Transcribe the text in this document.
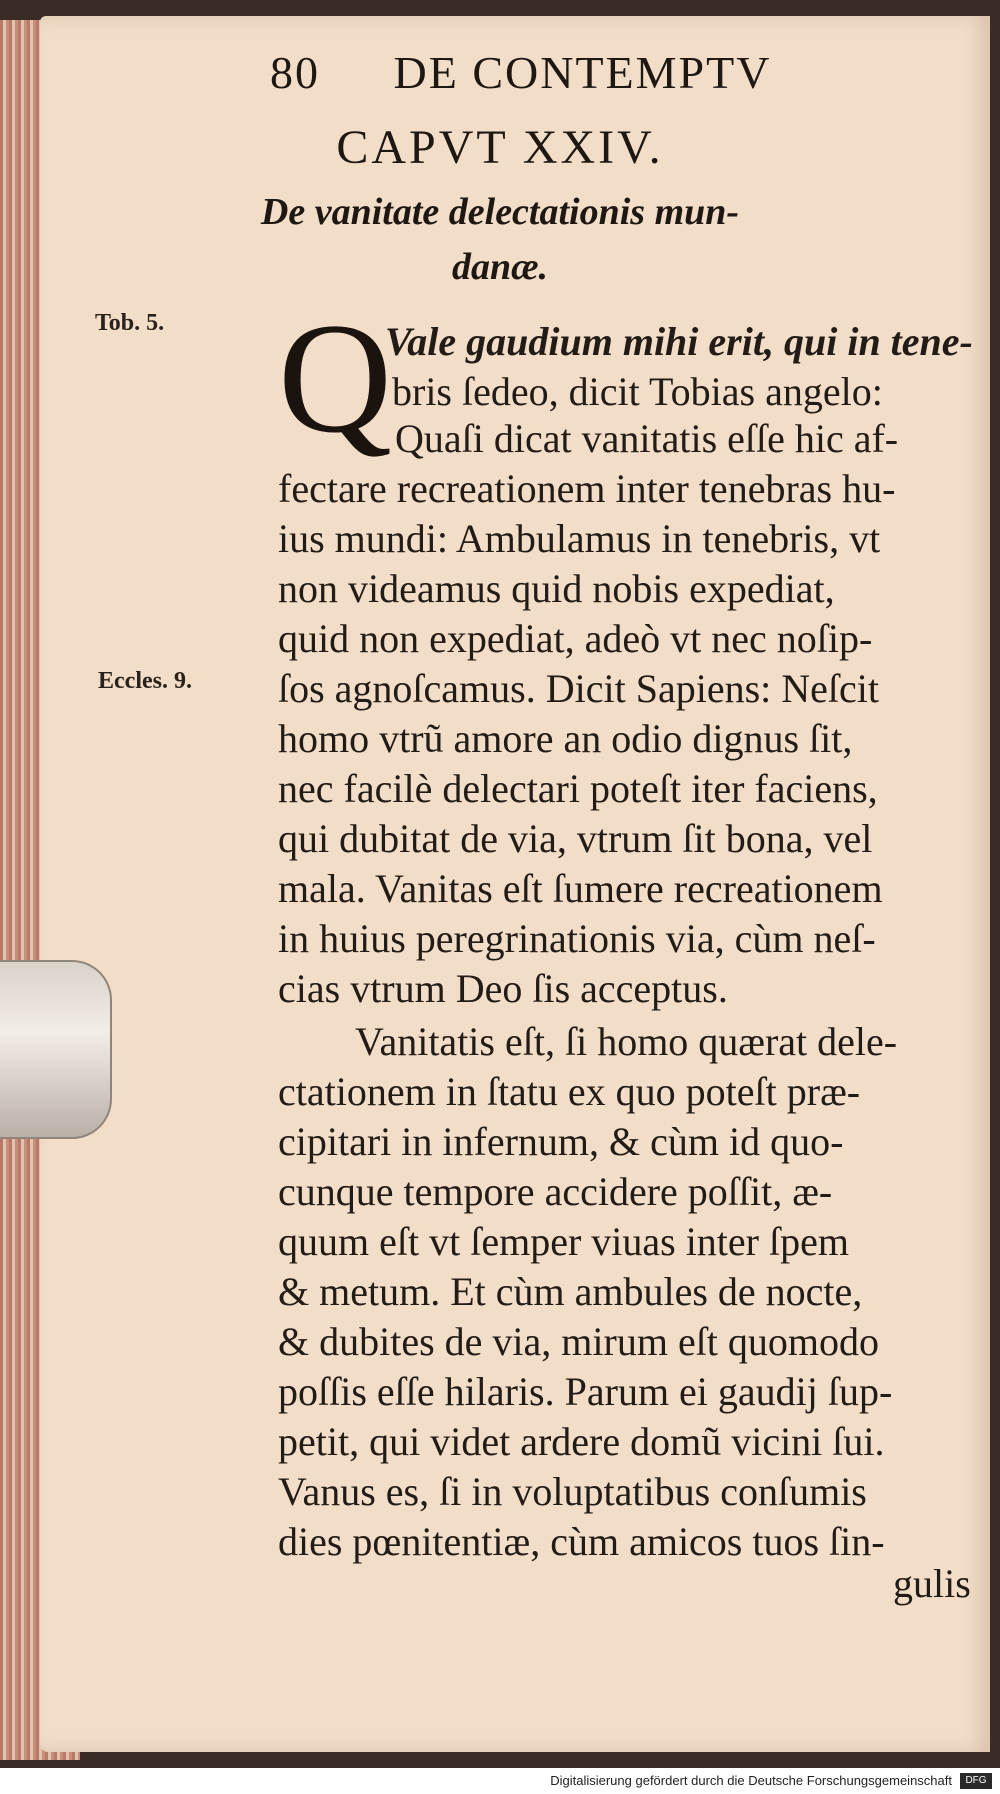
80 DE CONTEMPTV
CAPVT XXIV.
De vanitate delectationis mun-
danæ.
Tob. 5.
Eccles. 9.
Q
Vale gaudium mihi erit, qui in tene-
bris ſedeo, dicit Tobias angelo:
Quaſi dicat vanitatis eſſe hic af-
fectare recreationem inter tenebras hu-
ius mundi: Ambulamus in tenebris, vt
non videamus quid nobis expediat,
quid non expediat, adeò vt nec noſip-
ſos agnoſcamus. Dicit Sapiens: Neſcit
homo vtrũ amore an odio dignus ſit,
nec facilè delectari poteſt iter faciens,
qui dubitat de via, vtrum ſit bona, vel
mala. Vanitas eſt ſumere recreationem
in huius peregrinationis via, cùm neſ-
cias vtrum Deo ſis acceptus.
Vanitatis eſt, ſi homo quærat dele-
ctationem in ſtatu ex quo poteſt præ-
cipitari in infernum, & cùm id quo-
cunque tempore accidere poſſit, æ-
quum eſt vt ſemper viuas inter ſpem
& metum. Et cùm ambules de nocte,
& dubites de via, mirum eſt quomodo
poſſis eſſe hilaris. Parum ei gaudij ſup-
petit, qui videt ardere domũ vicini ſui.
Vanus es, ſi in voluptatibus conſumis
dies pœnitentiæ, cùm amicos tuos ſin-
gulis
Digitalisierung gefördert durch die Deutsche Forschungsgemeinschaft	DFG
